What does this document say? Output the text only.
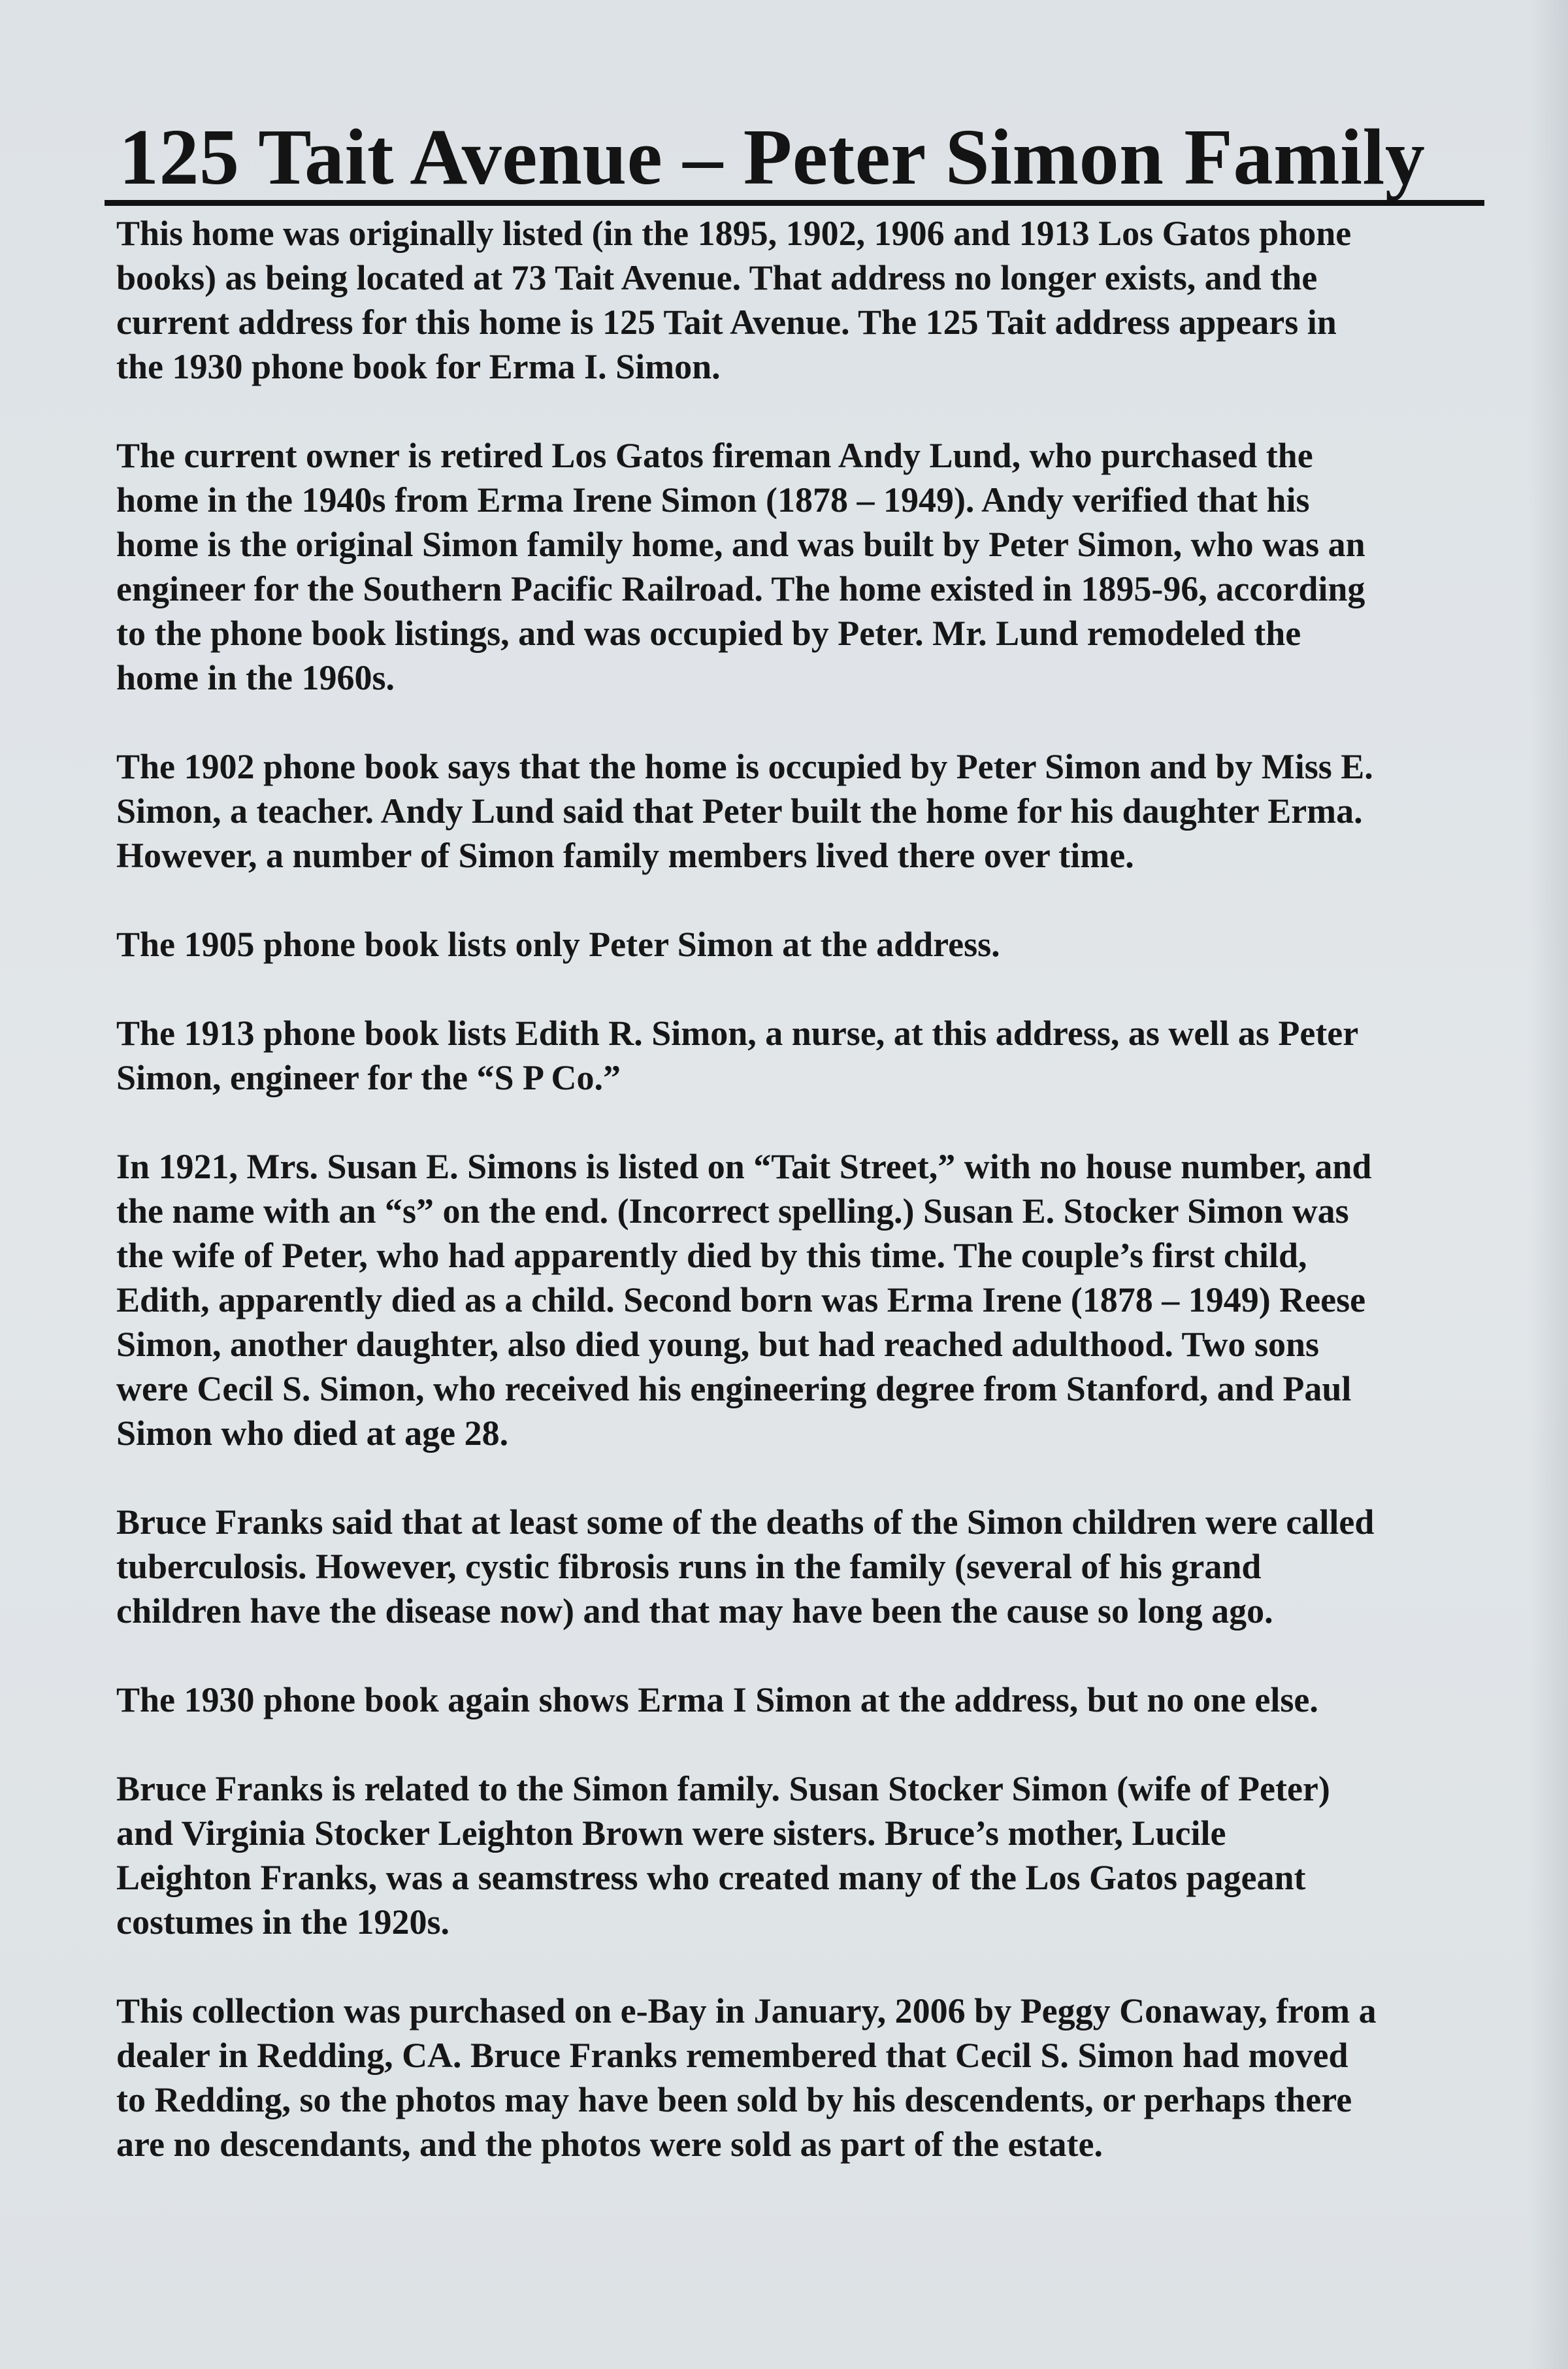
125 Tait Avenue – Peter Simon Family
This home was originally listed (in the 1895, 1902, 1906 and 1913 Los Gatos phone
books) as being located at 73 Tait Avenue. That address no longer exists, and the
current address for this home is 125 Tait Avenue. The 125 Tait address appears in
the 1930 phone book for Erma I. Simon.
The current owner is retired Los Gatos fireman Andy Lund, who purchased the
home in the 1940s from Erma Irene Simon (1878 – 1949). Andy verified that his
home is the original Simon family home, and was built by Peter Simon, who was an
engineer for the Southern Pacific Railroad. The home existed in 1895-96, according
to the phone book listings, and was occupied by Peter. Mr. Lund remodeled the
home in the 1960s.
The 1902 phone book says that the home is occupied by Peter Simon and by Miss E.
Simon, a teacher. Andy Lund said that Peter built the home for his daughter Erma.
However, a number of Simon family members lived there over time.
The 1905 phone book lists only Peter Simon at the address.
The 1913 phone book lists Edith R. Simon, a nurse, at this address, as well as Peter
Simon, engineer for the “S P Co.”
In 1921, Mrs. Susan E. Simons is listed on “Tait Street,” with no house number, and
the name with an “s” on the end. (Incorrect spelling.) Susan E. Stocker Simon was
the wife of Peter, who had apparently died by this time. The couple’s first child,
Edith, apparently died as a child. Second born was Erma Irene (1878 – 1949) Reese
Simon, another daughter, also died young, but had reached adulthood. Two sons
were Cecil S. Simon, who received his engineering degree from Stanford, and Paul
Simon who died at age 28.
Bruce Franks said that at least some of the deaths of the Simon children were called
tuberculosis. However, cystic fibrosis runs in the family (several of his grand
children have the disease now) and that may have been the cause so long ago.
The 1930 phone book again shows Erma I Simon at the address, but no one else.
Bruce Franks is related to the Simon family. Susan Stocker Simon (wife of Peter)
and Virginia Stocker Leighton Brown were sisters. Bruce’s mother, Lucile
Leighton Franks, was a seamstress who created many of the Los Gatos pageant
costumes in the 1920s.
This collection was purchased on e-Bay in January, 2006 by Peggy Conaway, from a
dealer in Redding, CA. Bruce Franks remembered that Cecil S. Simon had moved
to Redding, so the photos may have been sold by his descendents, or perhaps there
are no descendants, and the photos were sold as part of the estate.
